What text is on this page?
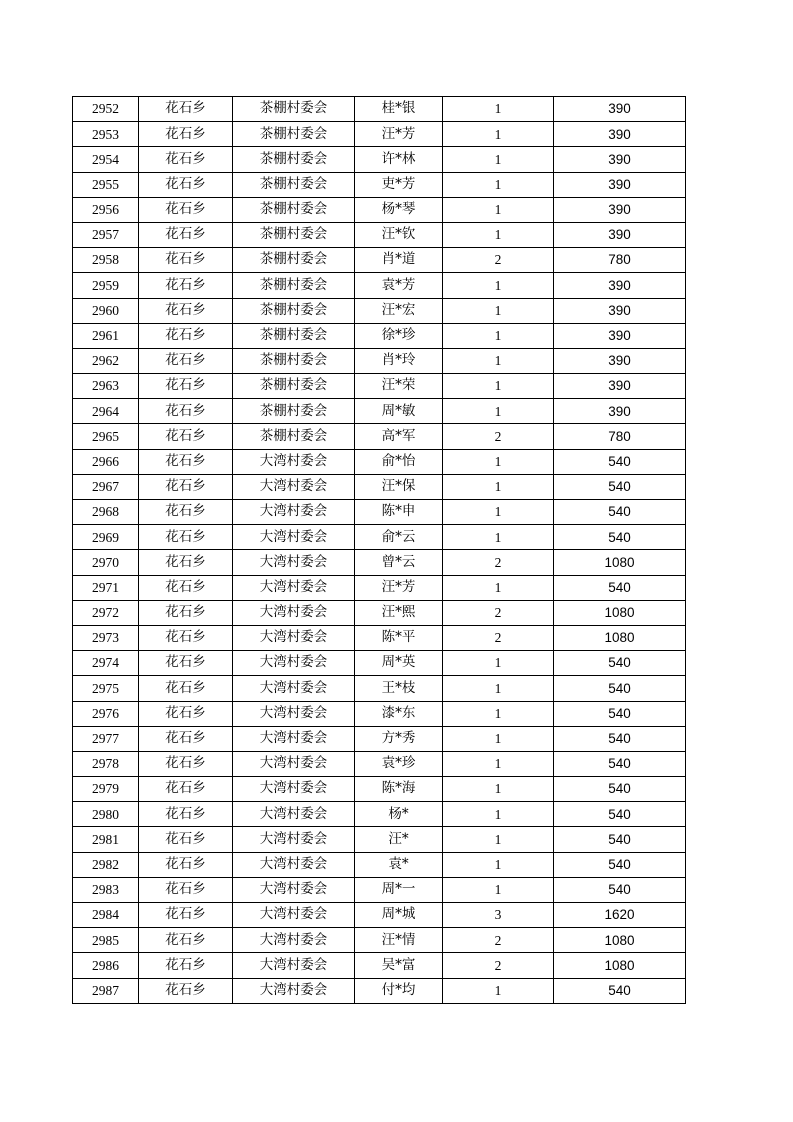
2952	花石乡	茶棚村委会	桂*银	1	390
2953	花石乡	茶棚村委会	汪*芳	1	390
2954	花石乡	茶棚村委会	许*林	1	390
2955	花石乡	茶棚村委会	吏*芳	1	390
2956	花石乡	茶棚村委会	杨*琴	1	390
2957	花石乡	茶棚村委会	汪*钦	1	390
2958	花石乡	茶棚村委会	肖*道	2	780
2959	花石乡	茶棚村委会	袁*芳	1	390
2960	花石乡	茶棚村委会	汪*宏	1	390
2961	花石乡	茶棚村委会	徐*珍	1	390
2962	花石乡	茶棚村委会	肖*玲	1	390
2963	花石乡	茶棚村委会	汪*荣	1	390
2964	花石乡	茶棚村委会	周*敏	1	390
2965	花石乡	茶棚村委会	高*军	2	780
2966	花石乡	大湾村委会	俞*怡	1	540
2967	花石乡	大湾村委会	汪*保	1	540
2968	花石乡	大湾村委会	陈*申	1	540
2969	花石乡	大湾村委会	俞*云	1	540
2970	花石乡	大湾村委会	曾*云	2	1080
2971	花石乡	大湾村委会	汪*芳	1	540
2972	花石乡	大湾村委会	汪*熙	2	1080
2973	花石乡	大湾村委会	陈*平	2	1080
2974	花石乡	大湾村委会	周*英	1	540
2975	花石乡	大湾村委会	王*枝	1	540
2976	花石乡	大湾村委会	漆*东	1	540
2977	花石乡	大湾村委会	方*秀	1	540
2978	花石乡	大湾村委会	袁*珍	1	540
2979	花石乡	大湾村委会	陈*海	1	540
2980	花石乡	大湾村委会	杨*	1	540
2981	花石乡	大湾村委会	汪*	1	540
2982	花石乡	大湾村委会	袁*	1	540
2983	花石乡	大湾村委会	周*一	1	540
2984	花石乡	大湾村委会	周*城	3	1620
2985	花石乡	大湾村委会	汪*情	2	1080
2986	花石乡	大湾村委会	吴*富	2	1080
2987	花石乡	大湾村委会	付*均	1	540
